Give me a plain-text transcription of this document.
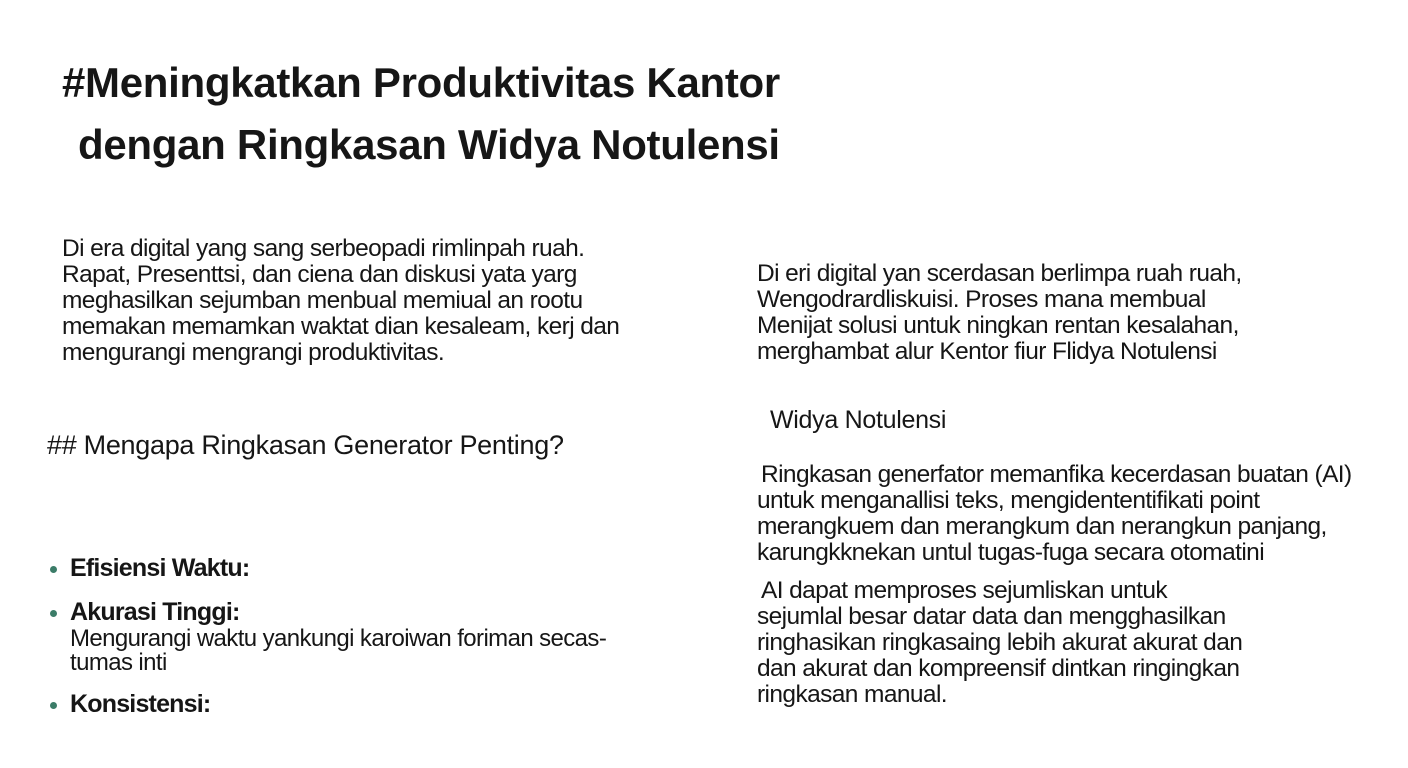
#Meningkatkan Produktivitas Kantor
dengan Ringkasan Widya Notulensi
Di era digital yang sang serbeopadi rimlinpah ruah.
Rapat, Presenttsi, dan ciena dan diskusi yata yarg
meghasilkan sejumban menbual memiual an rootu
memakan memamkan waktat dian kesaleam, kerj dan
mengurangi mengrangi produktivitas.
Di eri digital yan scerdasan berlimpa ruah ruah,
Wengodrardliskuisi. Proses mana membual
Menijat solusi untuk ningkan rentan kesalahan,
merghambat alur Kentor fiur Flidya Notulensi
## Mengapa Ringkasan Generator Penting?
Efisiensi Waktu:
Akurasi Tinggi:
Mengurangi waktu yankungi karoiwan foriman secas-
tumas inti
Konsistensi:
Widya Notulensi
Ringkasan generfator memanfika kecerdasan buatan (AI)
untuk menganallisi teks, mengidententifikati point
merangkuem dan merangkum dan nerangkun panjang,
karungkknekan untul tugas-fuga secara otomatini
AI dapat memproses sejumliskan untuk
sejumlal besar datar data dan mengghasilkan
ringhasikan ringkasaing lebih akurat akurat dan
dan akurat dan kompreensif dintkan ringingkan
ringkasan manual.
